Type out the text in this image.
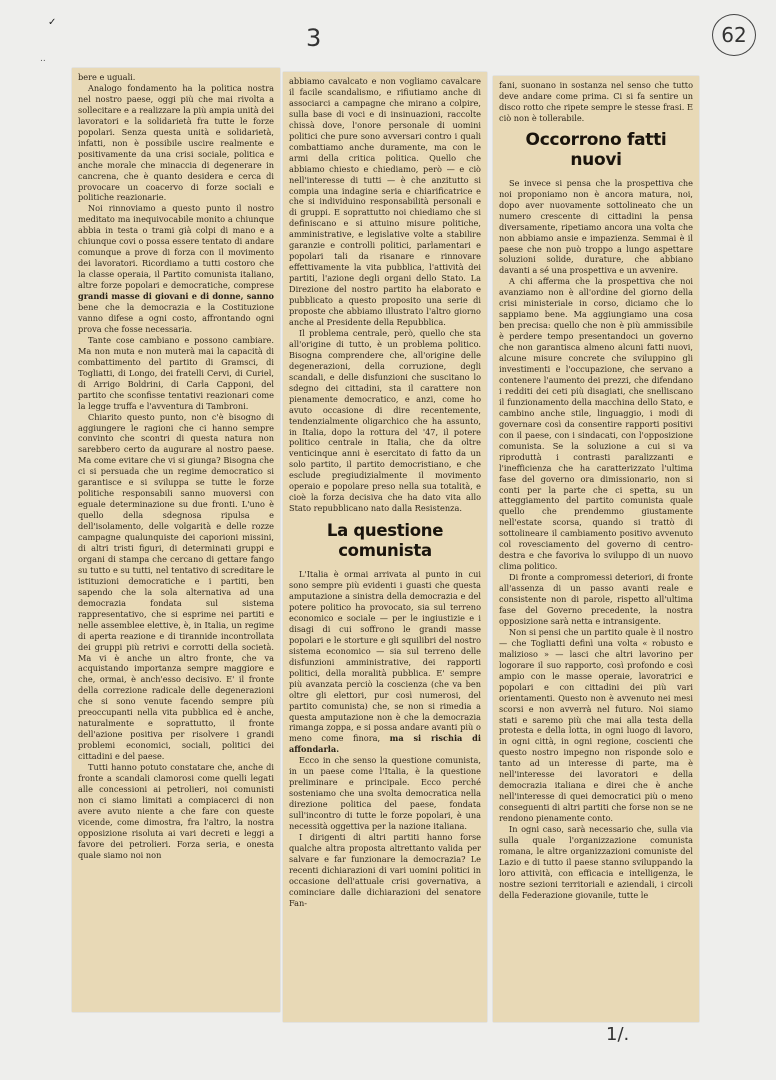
✓
..
3	62

bere e uguali.

Analogo fondamento ha la politica nostra nel nostro paese, oggi più che mai rivolta a sollecitare e a realizzare la più ampia unità dei lavoratori e la solidarietà fra tutte le forze popolari. Senza questa unità e solidarietà, infatti, non è possibile uscire realmente e positivamente da una crisi sociale, politica e anche morale che minaccia di degenerare in cancrena, che è quanto desidera e cerca di provocare un coacervo di forze sociali e politiche reazionarie.

Noi rinnoviamo a questo punto il nostro meditato ma inequivocabile monito a chiunque abbia in testa o trami già colpi di mano e a chiunque covi o possa essere tentato di andare comunque a prove di forza con il movimento dei lavoratori. Ricordiamo a tutti costoro che la classe operaia, il Partito comunista italiano, altre forze popolari e democratiche, comprese grandi masse di giovani e di donne, sanno bene che la democrazia e la Costituzione vanno difese a ogni costo, affrontando ogni prova che fosse necessaria.

Tante cose cambiano e possono cambiare. Ma non muta e non muterà mai la capacità di combattimento del partito di Gramsci, di Togliatti, di Longo, dei fratelli Cervi, di Curiel, di Arrigo Boldrini, di Carla Capponi, del partito che sconfisse tentativi reazionari come la legge truffa e l'avventura di Tambroni.

Chiarito questo punto, non c'è bisogno di aggiungere le ragioni che ci hanno sempre convinto che scontri di questa natura non sarebbero certo da augurare al nostro paese. Ma come evitare che vi si giunga? Bisogna che ci si persuada che un regime democratico si garantisce e si sviluppa se tutte le forze politiche responsabili sanno muoversi con eguale determinazione su due fronti. L'uno è quello della sdegnosa ripulsa e dell'isolamento, delle volgarità e delle rozze campagne qualunquiste dei caporioni missini, di altri tristi figuri, di determinati gruppi e organi di stampa che cercano di gettare fango su tutto e su tutti, nel tentativo di screditare le istituzioni democratiche e i partiti, ben sapendo che la sola alternativa ad una democrazia fondata sul sistema rappresentativo, che si esprime nei partiti e nelle assemblee elettive, è, in Italia, un regime di aperta reazione e di tirannide incontrollata dei gruppi più retrivi e corrotti della società. Ma vi è anche un altro fronte, che va acquistando importanza sempre maggiore e che, ormai, è anch'esso decisivo. E' il fronte della correzione radicale delle degenerazioni che si sono venute facendo sempre più preoccupanti nella vita pubblica ed è anche, naturalmente e soprattutto, il fronte dell'azione positiva per risolvere i grandi problemi economici, sociali, politici dei cittadini e del paese.

Tutti hanno potuto constatare che, anche di fronte a scandali clamorosi come quelli legati alle concessioni ai petrolieri, noi comunisti non ci siamo limitati a compiacerci di non avere avuto niente a che fare con queste vicende, come dimostra, fra l'altro, la nostra opposizione risoluta ai vari decreti e leggi a favore dei petrolieri. Forza seria, e onesta quale siamo noi non

abbiamo cavalcato e non vogliamo cavalcare il facile scandalismo, e rifiutiamo anche di associarci a campagne che mirano a colpire, sulla base di voci e di insinuazioni, raccolte chissà dove, l'onore personale di uomini politici che pure sono avversari contro i quali combattiamo anche duramente, ma con le armi della critica politica. Quello che abbiamo chiesto e chiediamo, però — e ciò nell'interesse di tutti — è che anzitutto si compia una indagine seria e chiarificatrice e che si individuino responsabilità personali e di gruppi. E soprattutto noi chiediamo che si definiscano e si attuino misure politiche, amministrative, e legislative volte a stabilire garanzie e controlli politici, parlamentari e popolari tali da risanare e rinnovare effettivamente la vita pubblica, l'attività dei partiti, l'azione degli organi dello Stato. La Direzione del nostro partito ha elaborato e pubblicato a questo proposito una serie di proposte che abbiamo illustrato l'altro giorno anche al Presidente della Repubblica.

Il problema centrale, però, quello che sta all'origine di tutto, è un problema politico. Bisogna comprendere che, all'origine delle degenerazioni, della corruzione, degli scandali, e delle disfunzioni che suscitano lo sdegno dei cittadini, sta il carattere non pienamente democratico, e anzi, come ho avuto occasione di dire recentemente, tendenzialmente oligarchico che ha assunto, in Italia, dopo la rottura del '47, il potere politico centrale in Italia, che da oltre venticinque anni è esercitato di fatto da un solo partito, il partito democristiano, e che esclude pregiudizialmente il movimento operaio e popolare preso nella sua totalità, e cioè la forza decisiva che ha dato vita allo Stato repubblicano nato dalla Resistenza.

La questione comunista

L'Italia è ormai arrivata al punto in cui sono sempre più evidenti i guasti che questa amputazione a sinistra della democrazia e del potere politico ha provocato, sia sul terreno economico e sociale — per le ingiustizie e i disagi di cui soffrono le grandi masse popolari e le storture e gli squilibri del nostro sistema economico — sia sul terreno delle disfunzioni amministrative, dei rapporti politici, della moralità pubblica. E' sempre più avanzata perciò la coscienza (che va ben oltre gli elettori, pur così numerosi, del partito comunista) che, se non si rimedia a questa amputazione non è che la democrazia rimanga zoppa, e si possa andare avanti più o meno come finora, ma si rischia di affondarla.

Ecco in che senso la questione comunista, in un paese come l'Italia, è la questione preliminare e principale. Ecco perché sosteniamo che una svolta democratica nella direzione politica del paese, fondata sull'incontro di tutte le forze popolari, è una necessità oggettiva per la nazione italiana.

I dirigenti di altri partiti hanno forse qualche altra proposta altrettanto valida per salvare e far funzionare la democrazia? Le recenti dichiarazioni di vari uomini politici in occasione dell'attuale crisi governativa, a cominciare dalle dichiarazioni del senatore Fan-

fani, suonano in sostanza nel senso che tutto deve andare come prima. Ci si fa sentire un disco rotto che ripete sempre le stesse frasi. E ciò non è tollerabile.

Occorrono fatti nuovi

Se invece si pensa che la prospettiva che noi proponiamo non è ancora matura, noi, dopo aver nuovamente sottolineato che un numero crescente di cittadini la pensa diversamente, ripetiamo ancora una volta che non abbiamo ansie e impazienza. Semmai è il paese che non può troppo a lungo aspettare soluzioni solide, durature, che abbiano davanti a sé una prospettiva e un avvenire.

A chi afferma che la prospettiva che noi avanziamo non è all'ordine del giorno della crisi ministeriale in corso, diciamo che lo sappiamo bene. Ma aggiungiamo una cosa ben precisa: quello che non è più ammissibile è perdere tempo presentandoci un governo che non garantisca almeno alcuni fatti nuovi, alcune misure concrete che sviluppino gli investimenti e l'occupazione, che servano a contenere l'aumento dei prezzi, che difendano i redditi dei ceti più disagiati, che snelliscano il funzionamento della macchina dello Stato, e cambino anche stile, linguaggio, i modi di governare così da consentire rapporti positivi con il paese, con i sindacati, con l'opposizione comunista. Se la soluzione a cui si va riproduttà i contrasti paralizzanti e l'inefficienza che ha caratterizzato l'ultima fase del governo ora dimissionario, non si conti per la parte che ci spetta, su un atteggiamento del partito comunista quale quello che prendemmo giustamente nell'estate scorsa, quando si trattò di sottolineare il cambiamento positivo avvenuto col rovesciamento del governo di centro-destra e che favoriva lo sviluppo di un nuovo clima politico.

Di fronte a compromessi deteriori, di fronte all'assenza di un passo avanti reale e consistente non di parole, rispetto all'ultima fase del Governo precedente, la nostra opposizione sarà netta e intransigente.

Non si pensi che un partito quale è il nostro — che Togliatti definì una volta « robusto e malizioso » — lasci che altri lavorino per logorare il suo rapporto, così profondo e così ampio con le masse operaie, lavoratrici e popolari e con cittadini dei più vari orientamenti. Questo non è avvenuto nei mesi scorsi e non avverrà nel futuro. Noi siamo stati e saremo più che mai alla testa della protesta e della lotta, in ogni luogo di lavoro, in ogni città, in ogni regione, coscienti che questo nostro impegno non risponde solo e tanto ad un interesse di parte, ma è nell'interesse dei lavoratori e della democrazia italiana e direi che è anche nell'interesse di quei democratici più o meno conseguenti di altri partiti che forse non se ne rendono pienamente conto.

In ogni caso, sarà necessario che, sulla via sulla quale l'organizzazione comunista romana, le altre organizzazioni comuniste del Lazio e di tutto il paese stanno sviluppando la loro attività, con efficacia e intelligenza, le nostre sezioni territoriali e aziendali, i circoli della Federazione giovanile, tutte le

1/.
